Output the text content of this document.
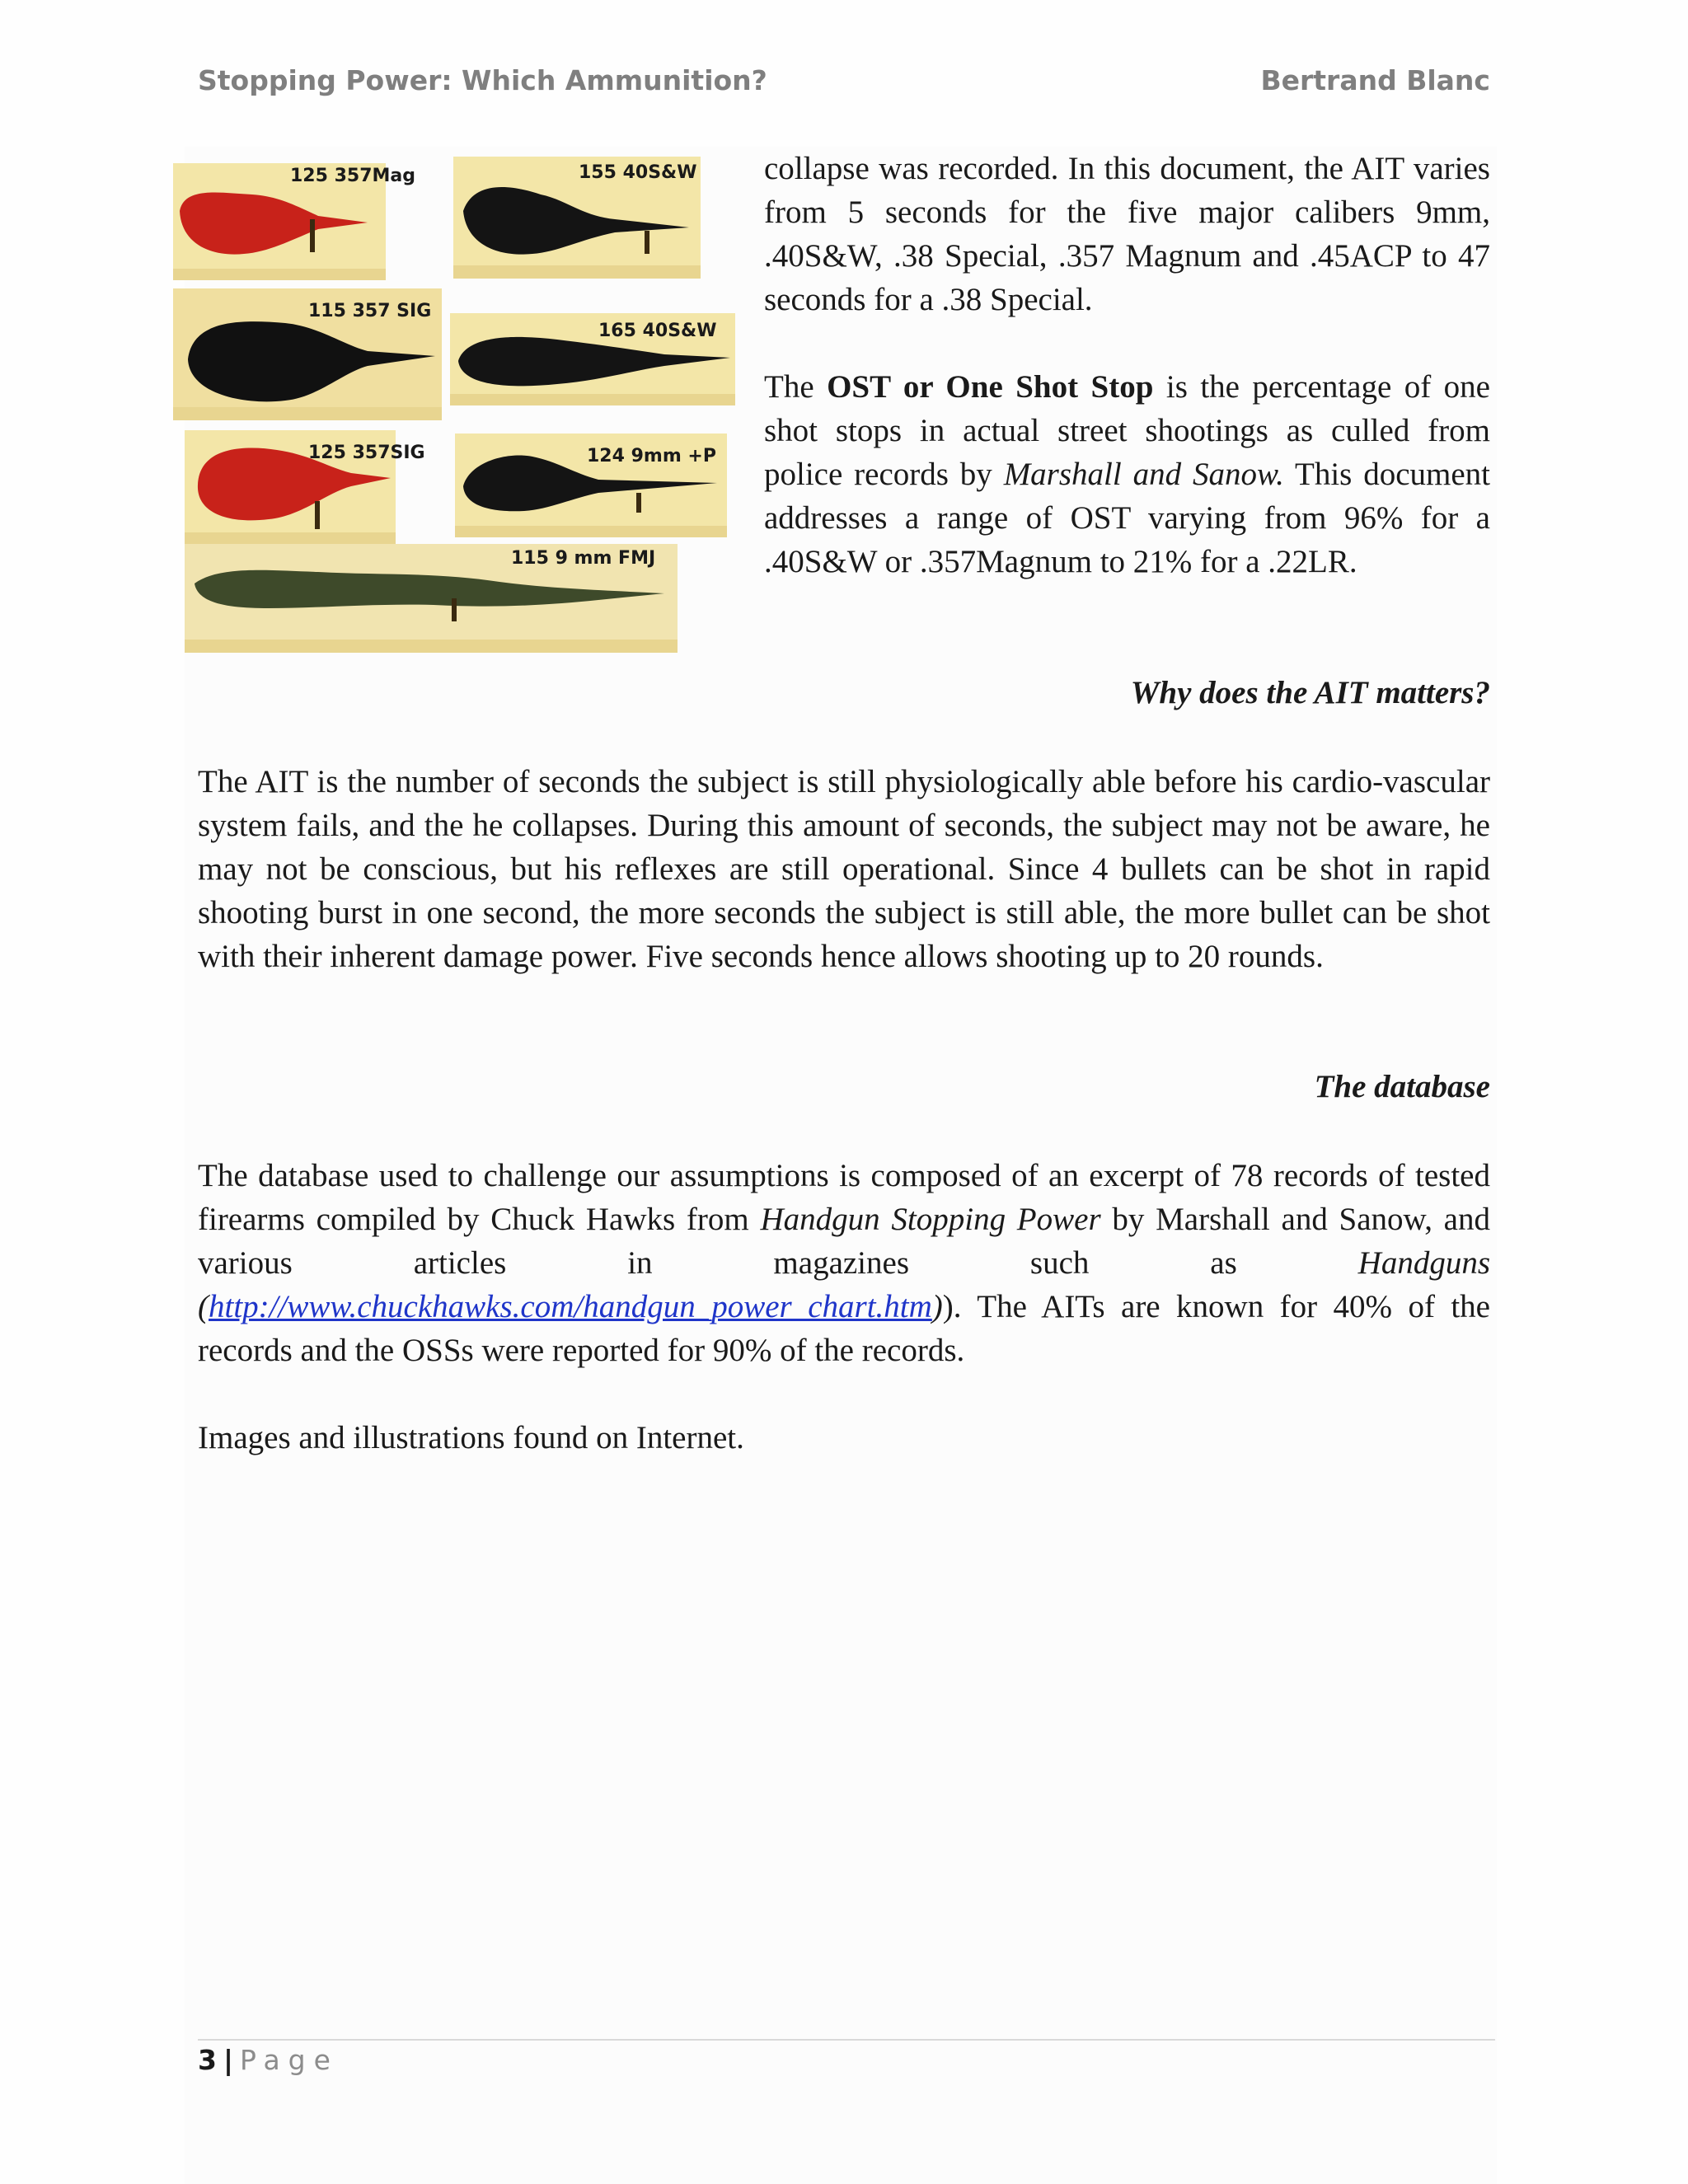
Stopping Power: Which Ammunition?	Bertrand Blanc
125 357Mag	155 40S&W
115 357 SIG
165 40S&W
125 357SIG	124 9mm +P
115 9 mm FMJ

collapse was recorded. In this document, the AIT varies from 5 seconds for the five major calibers 9mm, .40S&W, .38 Special, .357 Magnum and .45ACP to 47 seconds for a .38 Special.

The OST or One Shot Stop is the percentage of one shot stops in actual street shootings as culled from police records by Marshall and Sanow. This document addresses a range of OST varying from 96% for a .40S&W or .357Magnum to 21% for a .22LR.

Why does the AIT matters?

The AIT is the number of seconds the subject is still physiologically able before his cardio-vascular system fails, and the he collapses. During this amount of seconds, the subject may not be aware, he may not be conscious, but his reflexes are still operational. Since 4 bullets can be shot in rapid shooting burst in one second, the more seconds the subject is still able, the more bullet can be shot with their inherent damage power. Five seconds hence allows shooting up to 20 rounds.

The database

The database used to challenge our assumptions is composed of an excerpt of 78 records of tested firearms compiled by Chuck Hawks from Handgun Stopping Power by Marshall and Sanow, and various articles in magazines such as Handguns (http://www.chuckhawks.com/handgun_power_chart.htm)). The AITs are known for 40% of the records and the OSSs were reported for 90% of the records.

Images and illustrations found on Internet.

3 | Page
